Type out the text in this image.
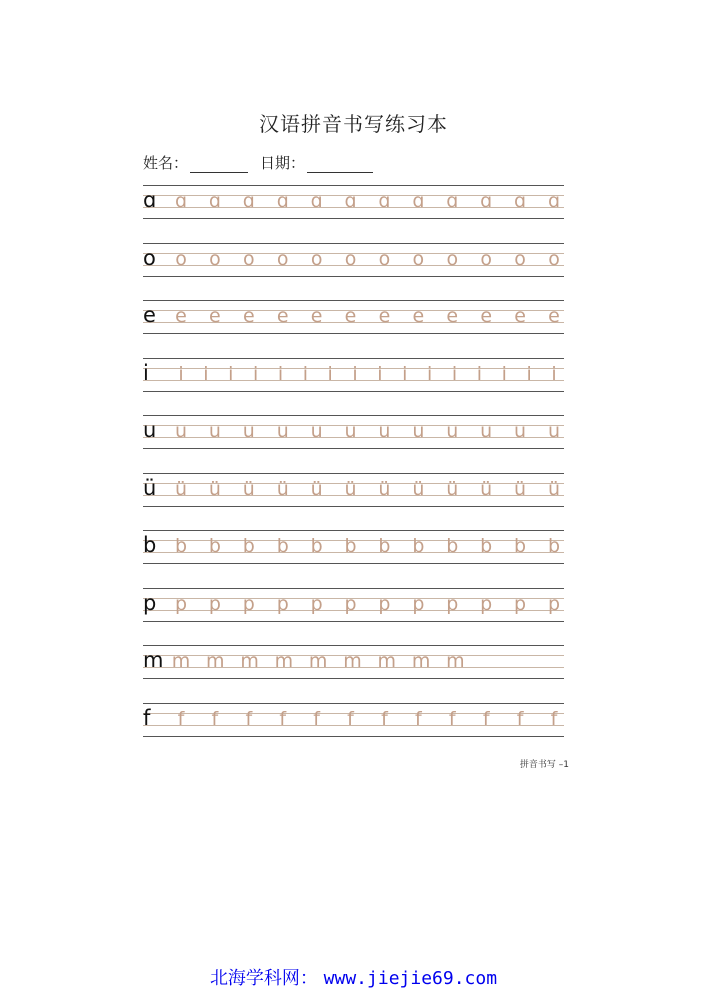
汉语拼音书写练习本
姓名：	日期：
ɑ ɑ ɑ ɑ ɑ ɑ ɑ ɑ ɑ ɑ ɑ ɑ ɑ
o o o o o o o o o o o o o
e e e e e e e e e e e e e
i	i	i	i	i	i	i	i	i	i	i	i	i	i	i	i	i
u u u u u u u u u u u u u
ü ü ü ü ü ü ü ü ü ü ü ü ü
b b b b b b b b b b b b b
p p p p p p p p p p p p p
m m m m m m m m m m
f	f	f	f	f	f	f	f	f	f	f	f	f
拼音书写 –1
北海学科网： www.jiejie69.com
